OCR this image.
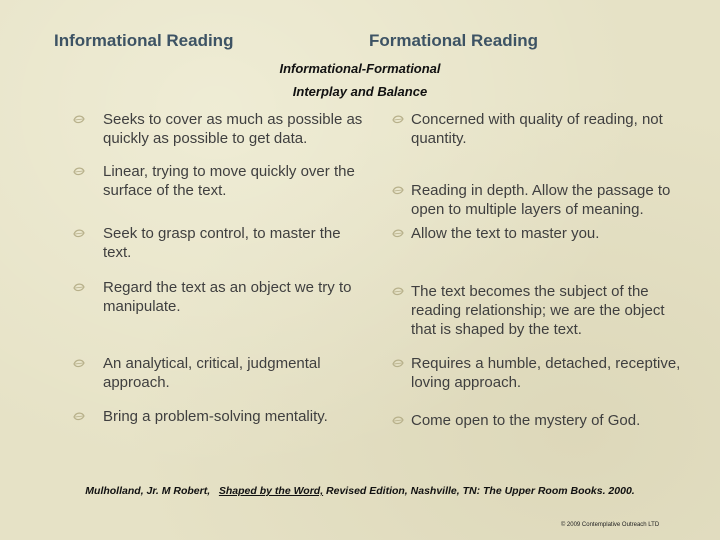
Informational Reading	Formational Reading
Informational-Formational
Interplay and Balance
Seeks to cover as much as possible as quickly as possible to get data.
Linear, trying to move quickly over the surface of the text.
Seek to grasp control, to master the text.
Regard the text as an object we try to manipulate.
An analytical, critical, judgmental approach.
Bring a problem-solving mentality.
Concerned with quality of reading, not quantity.
Reading in depth. Allow the passage to open to multiple layers of meaning.
Allow the text to master you.
The text becomes the subject of the reading relationship; we are the object that is shaped by the text.
Requires a humble, detached, receptive, loving approach.
Come open to the mystery of God.
Mulholland, Jr. M Robert, Shaped by the Word, Revised Edition, Nashville, TN: The Upper Room Books. 2000.
© 2009 Contemplative Outreach LTD
